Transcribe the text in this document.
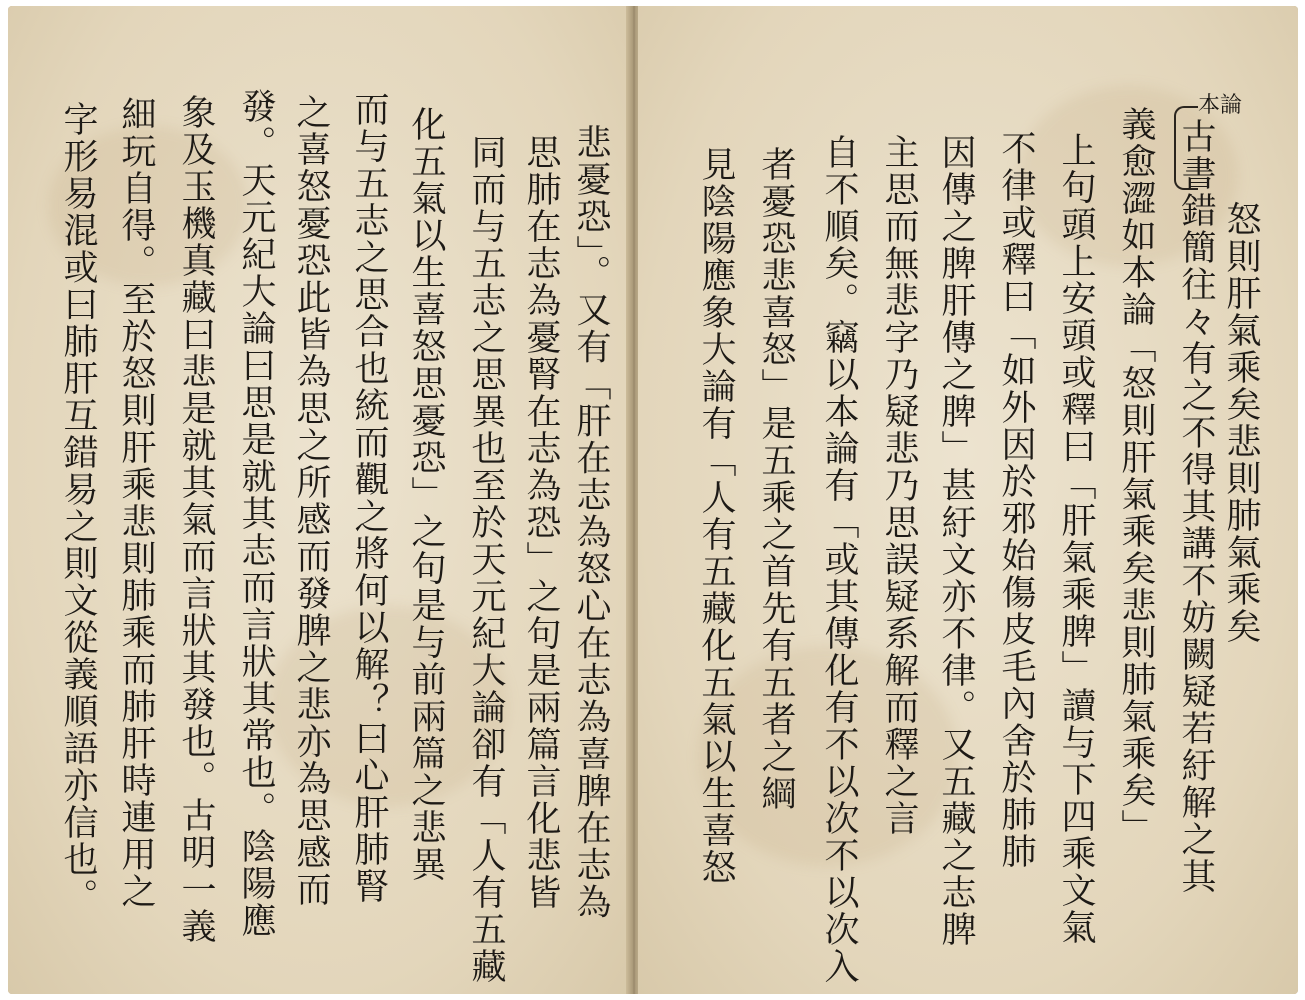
悲憂恐」。又有「肝在志為怒心在志為喜脾在志為
思肺在志為憂腎在志為恐」之句是兩篇言化悲皆
同而与五志之思異也至於天元紀大論卻有「人有五藏
化五氣以生喜怒思憂恐」之句是与前兩篇之悲異
而与五志之思合也統而觀之將何以解？曰心肝肺腎
之喜怒憂恐此皆為思之所感而發脾之悲亦為思感而
發。天元紀大論曰思是就其志而言狀其常也。陰陽應
象及玉機真藏曰悲是就其氣而言狀其發也。古明一義
細玩自得。至於怒則肝乘悲則肺乘而肺肝時連用之
字形易混或曰肺肝互錯易之則文從義順語亦信也。	本論
怒則肝氣乘矣悲則肺氣乘矣
古書錯簡往々有之不得其講不妨闕疑若紆解之其
義愈澀如本論「怒則肝氣乘矣悲則肺氣乘矣」
上句頭上安頭或釋曰「肝氣乘脾」讀与下四乘文氣
不律或釋曰「如外因於邪始傷皮毛內舍於肺肺
因傳之脾肝傳之脾」甚紆文亦不律。又五藏之志脾
主思而無悲字乃疑悲乃思誤疑系解而釋之言
自不順矣。竊以本論有「或其傳化有不以次不以次入
者憂恐悲喜怒」是五乘之首先有五者之綱
見陰陽應象大論有「人有五藏化五氣以生喜怒
